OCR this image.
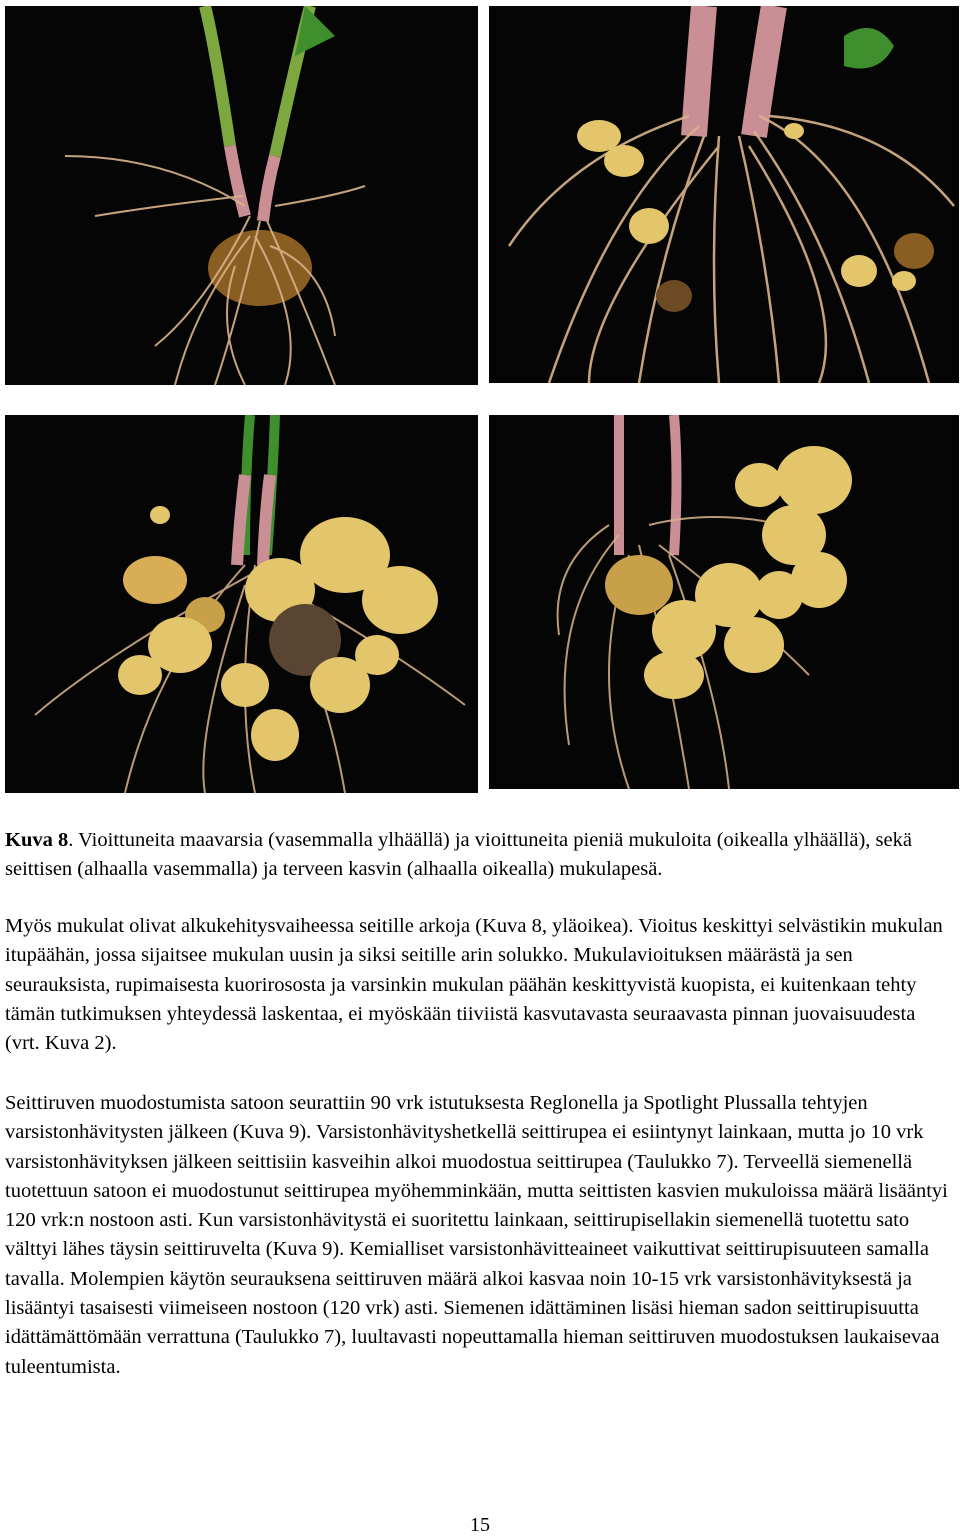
Kuva 8. Vioittuneita maavarsia (vasemmalla ylhäällä) ja vioittuneita pieniä mukuloita (oikealla ylhäällä), sekä seittisen (alhaalla vasemmalla) ja terveen kasvin (alhaalla oikealla) mukulapesä.
Myös mukulat olivat alkukehitysvaiheessa seitille arkoja (Kuva 8, yläoikea). Vioitus keskittyi selvästikin mukulan itupäähän, jossa sijaitsee mukulan uusin ja siksi seitille arin solukko. Mukulavioituksen määrästä ja sen seurauksista, rupimaisesta kuorirososta ja varsinkin mukulan päähän keskittyvistä kuopista, ei kuitenkaan tehty tämän tutkimuksen yhteydessä laskentaa, ei myöskään tiiviistä kasvutavasta seuraavasta pinnan juovaisuudesta (vrt. Kuva 2).
Seittiruven muodostumista satoon seurattiin 90 vrk istutuksesta Reglonella ja Spotlight Plussalla tehtyjen varsistonhävitysten jälkeen (Kuva 9). Varsistonhävityshetkellä seittirupea ei esiintynyt lainkaan, mutta jo 10 vrk varsistonhävityksen jälkeen seittisiin kasveihin alkoi muodostua seittirupea (Taulukko 7). Terveellä siemenellä tuotettuun satoon ei muodostunut seittirupea myöhemminkään, mutta seittisten kasvien mukuloissa määrä lisääntyi 120 vrk:n nostoon asti. Kun varsistonhävitystä ei suoritettu lainkaan, seittirupisellakin siemenellä tuotettu sato välttyi lähes täysin seittiruvelta (Kuva 9). Kemialliset varsistonhävitteaineet vaikuttivat seittirupisuuteen samalla tavalla. Molempien käytön seurauksena seittiruven määrä alkoi kasvaa noin 10-15 vrk varsistonhävityksestä ja lisääntyi tasaisesti viimeiseen nostoon (120 vrk) asti. Siemenen idättäminen lisäsi hieman sadon seittirupisuutta idättämättömään verrattuna (Taulukko 7), luultavasti nopeuttamalla hieman seittiruven muodostuksen laukaisevaa tuleentumista.
15
